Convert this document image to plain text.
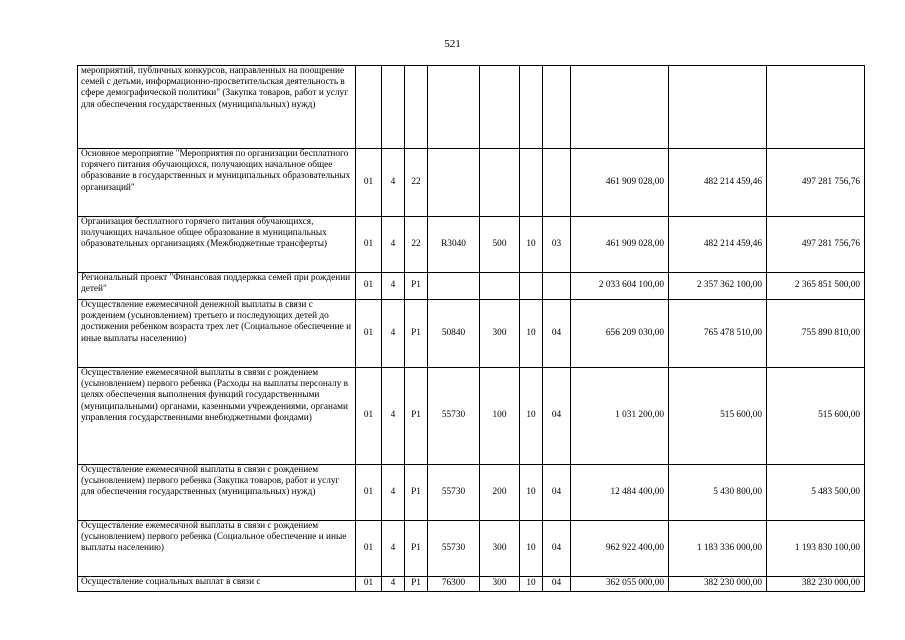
521
мероприятий, публичных конкурсов, направленных на поощрение семей с детьми, информационно-просветительская деятельность в сфере демографической политики" (Закупка товаров, работ и услуг для обеспечения государственных (муниципальных) нужд)										
Основное мероприятие "Мероприятия по организации бесплатного горячего питания обучающихся, получающих начальное общее образование в государственных и муниципальных образовательных организаций"	01	4	22					461 909 028,00	482 214 459,46	497 281 756,76
Организация бесплатного горячего питания обучающихся, получающих начальное общее образование в муниципальных образовательных организациях (Межбюджетные трансферты)	01	4	22	R3040	500	10	03	461 909 028,00	482 214 459,46	497 281 756,76
Региональный проект "Финансовая поддержка семей при рождении детей"	01	4	P1					2 033 604 100,00	2 357 362 100,00	2 365 851 500,00
Осуществление ежемесячной денежной выплаты в связи с рождением (усыновлением) третьего и последующих детей до достижения ребенком возраста трех лет (Социальное обеспечение и иные выплаты населению)	01	4	P1	50840	300	10	04	656 209 030,00	765 478 510,00	755 890 810,00
Осуществление ежемесячной выплаты в связи с рождением (усыновлением) первого ребенка (Расходы на выплаты персоналу в целях обеспечения выполнения функций государственными (муниципальными) органами, казенными учреждениями, органами управления государственными внебюджетными фондами)	01	4	P1	55730	100	10	04	1 031 200,00	515 600,00	515 600,00
Осуществление ежемесячной выплаты в связи с рождением (усыновлением) первого ребенка (Закупка товаров, работ и услуг для обеспечения государственных (муниципальных) нужд)	01	4	P1	55730	200	10	04	12 484 400,00	5 430 800,00	5 483 500,00
Осуществление ежемесячной выплаты в связи с рождением (усыновлением) первого ребенка (Социальное обеспечение и иные выплаты населению)	01	4	P1	55730	300	10	04	962 922 400,00	1 183 336 000,00	1 193 830 100,00
Осуществление социальных выплат в связи с	01	4	P1	76300	300	10	04	362 055 000,00	382 230 000,00	382 230 000,00
